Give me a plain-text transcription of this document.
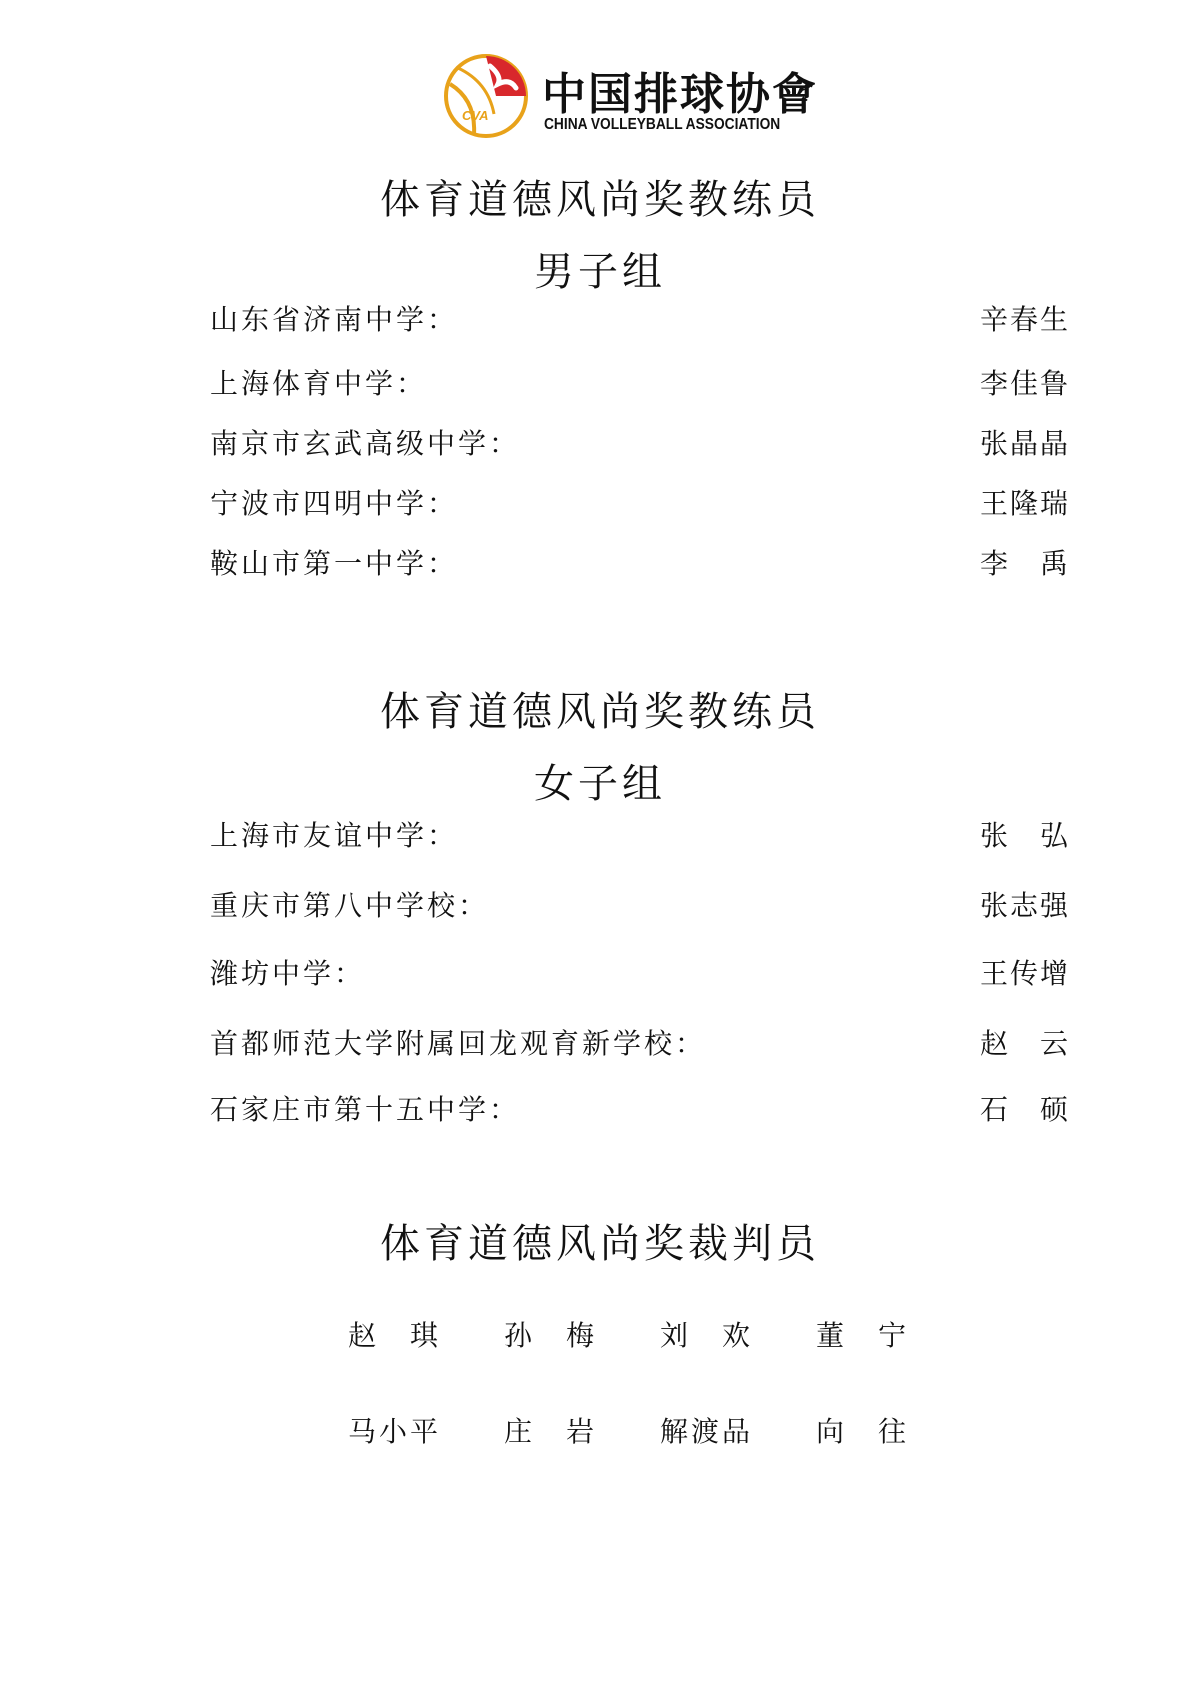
CVA 中国排球协會
CHINA VOLLEYBALL ASSOCIATION
体育道德风尚奖教练员
男子组
山东省济南中学：	辛春生
上海体育中学：	李佳鲁
南京市玄武高级中学：	张晶晶
宁波市四明中学：	王隆瑞
鞍山市第一中学：	李　禹
体育道德风尚奖教练员
女子组
上海市友谊中学：	张　弘
重庆市第八中学校：	张志强
潍坊中学：	王传增
首都师范大学附属回龙观育新学校：	赵　云
石家庄市第十五中学：	石　硕
体育道德风尚奖裁判员
赵　琪 孙　梅 刘　欢 董　宁
马小平 庄　岩 解渡品 向　往
